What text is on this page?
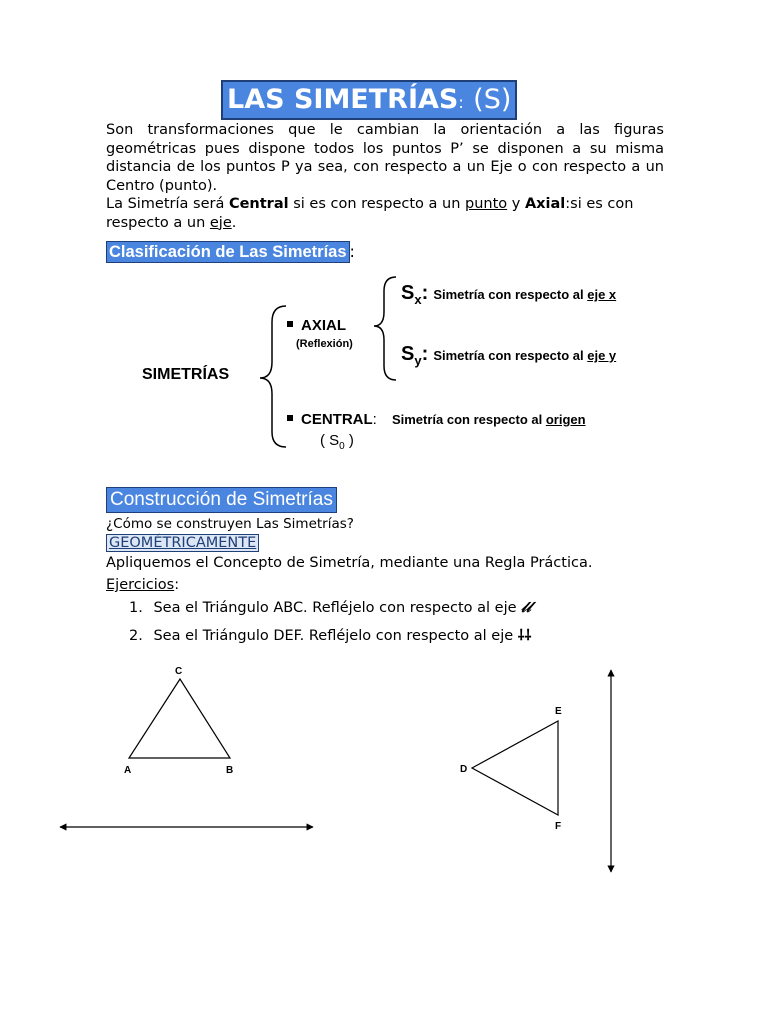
LAS SIMETRÍAS: (S)

Son transformaciones que le cambian la orientación a las figuras geométricas pues dispone todos los puntos P’ se disponen a su misma distancia de los puntos P ya sea, con respecto a un Eje o con respecto a un Centro (punto).

La Simetría será Central si es con respecto a un punto y Axial:si es con respecto a un eje.

Clasificación de Las Simetrías :
SIMETRÍAS
AXIAL
(Reflexión)
$S_x$: Simetría con respecto al eje x
$S_y$: Simetría con respecto al eje y
CENTRAL: Simetría con respecto al origen
( $S_0$ )
Construcción de Simetrías
¿Cómo se construyen Las Simetrías?
GEOMÉTRICAMENTE
Apliquemos el Concepto de Simetría, mediante una Regla Práctica.
Ejercicios:
1. Sea el Triángulo ABC. Refléjelo con respecto al eje 𝓁𝓁
2. Sea el Triángulo DEF. Refléjelo con respecto al eje ⸸⸸
C
A	B
E
D
F
